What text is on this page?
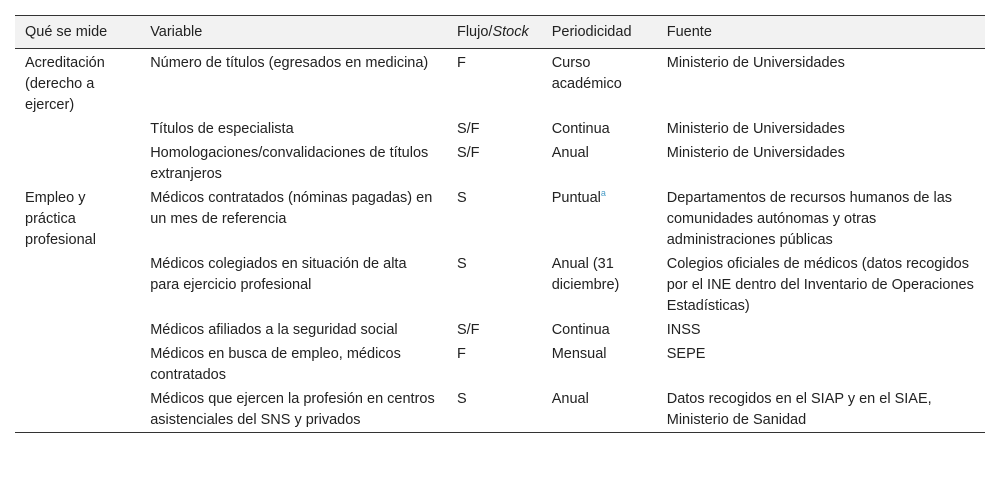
Qué se mide	Variable	Flujo/Stock	Periodicidad	Fuente
Acreditación (derecho a ejercer)	Número de títulos (egresados en medicina)	F	Curso académico	Ministerio de Universidades
	Títulos de especialista	S/F	Continua	Ministerio de Universidades
	Homologaciones/convalidaciones de títulos extranjeros	S/F	Anual	Ministerio de Universidades
Empleo y práctica profesional	Médicos contratados (nóminas pagadas) en un mes de referencia	S	Puntual$^a$	Departamentos de recursos humanos de las comunidades autónomas y otras administraciones públicas
	Médicos colegiados en situación de alta para ejercicio profesional	S	Anual (31 diciembre)	Colegios oficiales de médicos (datos recogidos por el INE dentro del Inventario de Operaciones Estadísticas)
	Médicos afiliados a la seguridad social	S/F	Continua	INSS
	Médicos en busca de empleo, médicos contratados	F	Mensual	SEPE
	Médicos que ejercen la profesión en centros asistenciales del SNS y privados	S	Anual	Datos recogidos en el SIAP y en el SIAE, Ministerio de Sanidad
